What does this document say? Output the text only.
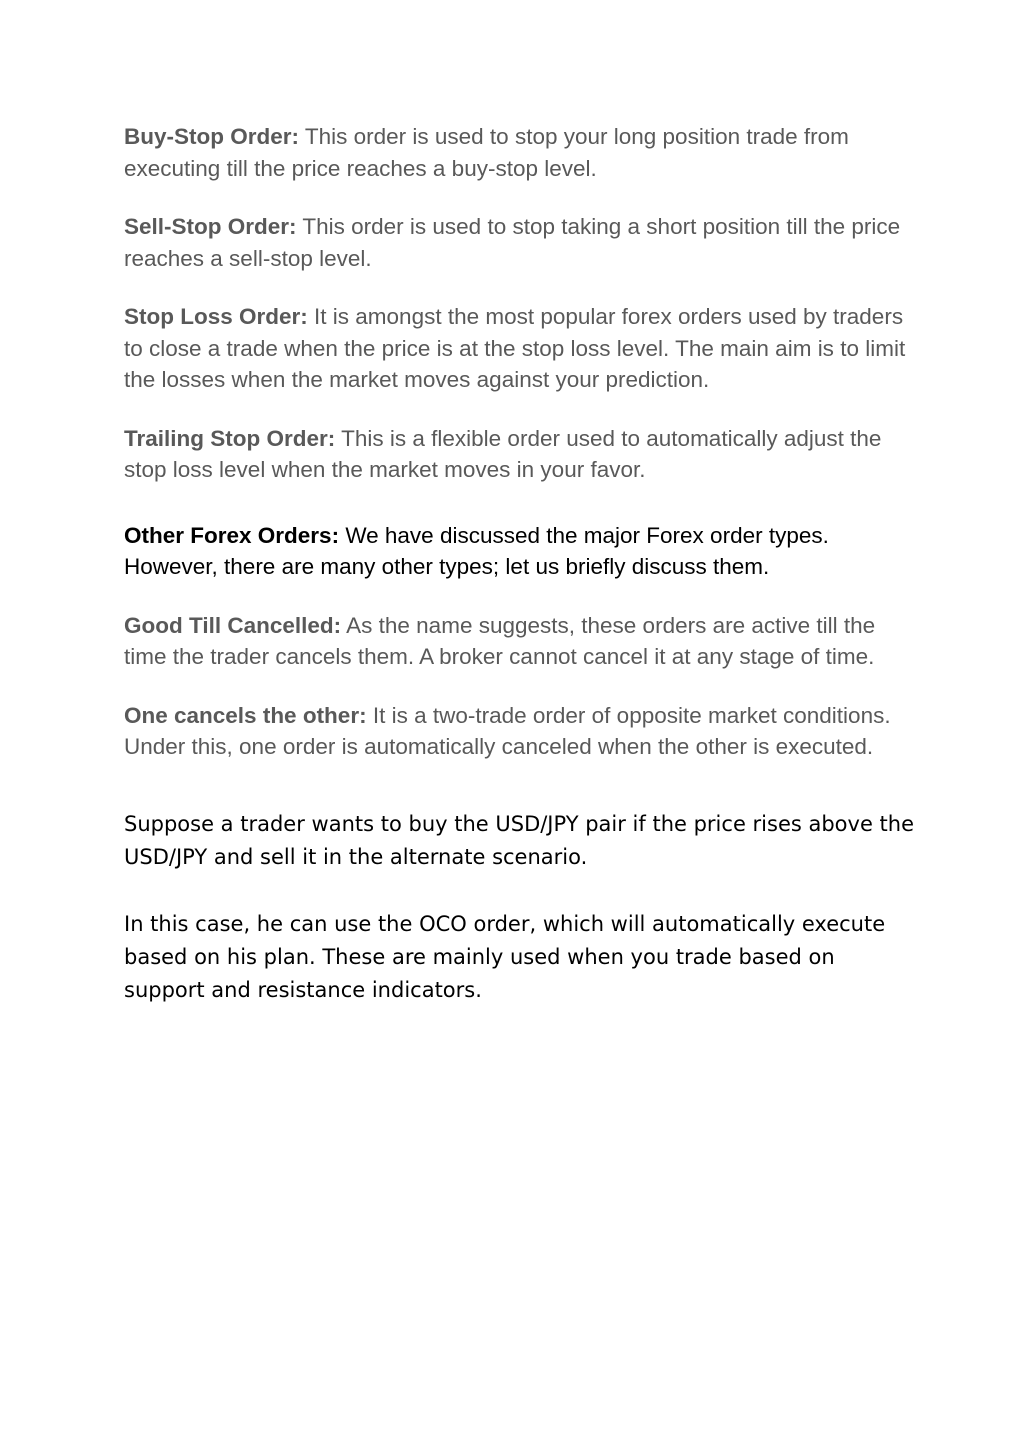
Buy-Stop Order: This order is used to stop your long position trade from executing till the price reaches a buy-stop level.

Sell-Stop Order: This order is used to stop taking a short position till the price reaches a sell-stop level.

Stop Loss Order: It is amongst the most popular forex orders used by traders to close a trade when the price is at the stop loss level. The main aim is to limit the losses when the market moves against your prediction.

Trailing Stop Order: This is a flexible order used to automatically adjust the stop loss level when the market moves in your favor.

Other Forex Orders: We have discussed the major Forex order types. However, there are many other types; let us briefly discuss them.

Good Till Cancelled: As the name suggests, these orders are active till the time the trader cancels them. A broker cannot cancel it at any stage of time.

One cancels the other: It is a two-trade order of opposite market conditions. Under this, one order is automatically canceled when the other is executed.

Suppose a trader wants to buy the USD/JPY pair if the price rises above the USD/JPY and sell it in the alternate scenario.

In this case, he can use the OCO order, which will automatically execute based on his plan. These are mainly used when you trade based on support and resistance indicators.
